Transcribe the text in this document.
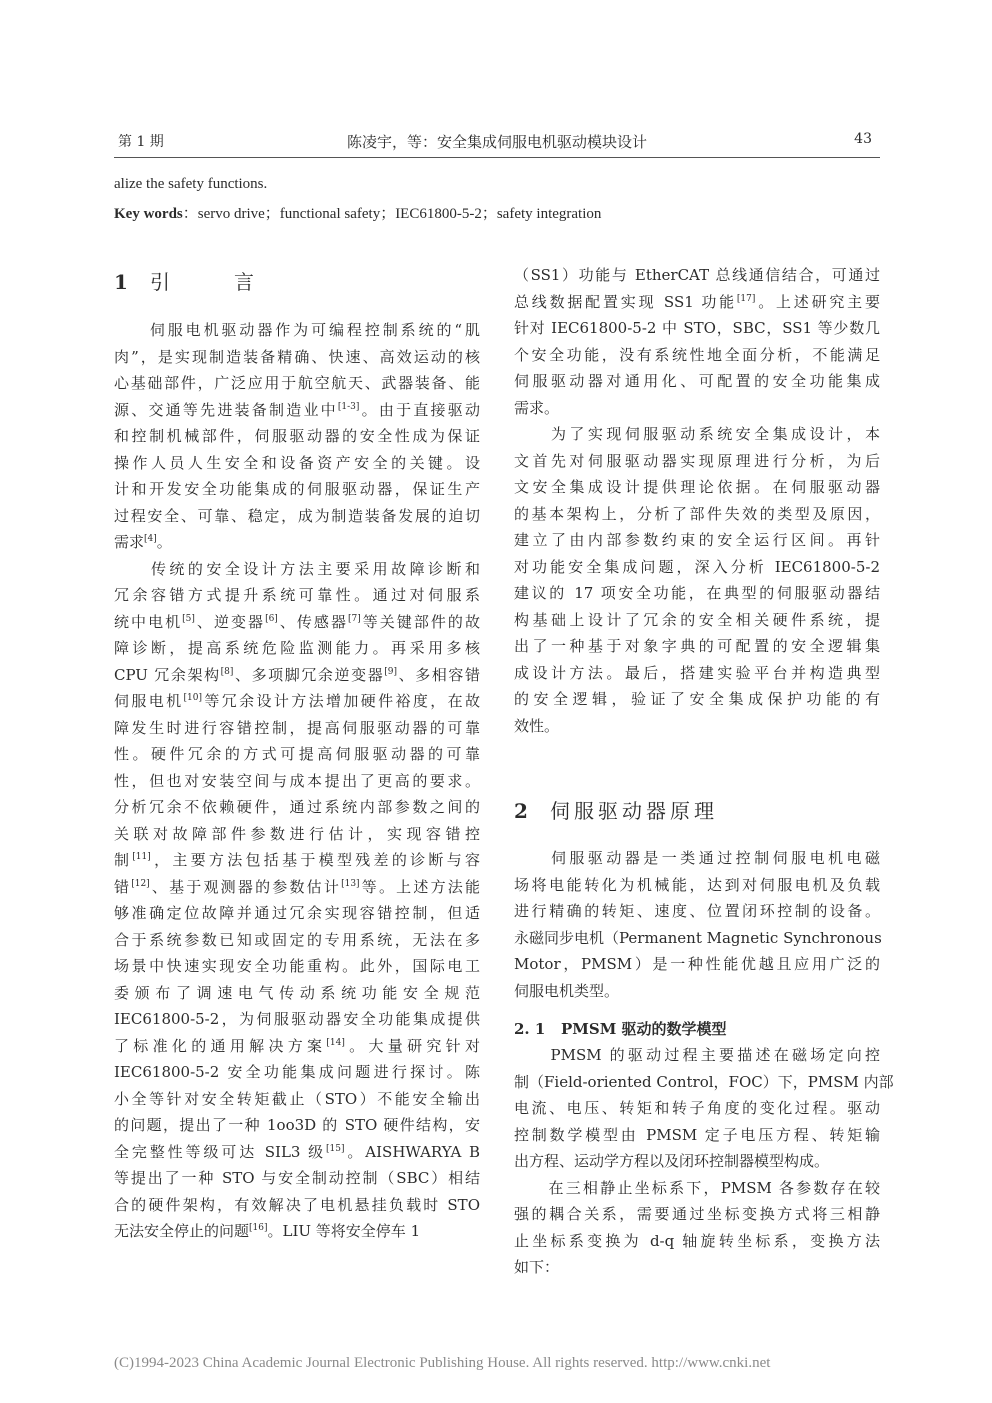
第 1 期	陈凌宇，等：安全集成伺服电机驱动模块设计	43
alize the safety functions.
Key words：servo drive；functional safety；IEC61800-5-2；safety integration
1 引　言
　　伺服电机驱动器作为可编程控制系统的“肌
肉”，是实现制造装备精确、快速、高效运动的核
心基础部件，广泛应用于航空航天、武器装备、能
源、交通等先进装备制造业中[1-3]。由于直接驱动
和控制机械部件，伺服驱动器的安全性成为保证
操作人员人生安全和设备资产安全的关键。设
计和开发安全功能集成的伺服驱动器，保证生产
过程安全、可靠、稳定，成为制造装备发展的迫切
需求[4]。
　　传统的安全设计方法主要采用故障诊断和
冗余容错方式提升系统可靠性。通过对伺服系
统中电机[5]、逆变器[6]、传感器[7]等关键部件的故
障诊断，提高系统危险监测能力。再采用多核
CPU 冗余架构[8]、多项脚冗余逆变器[9]、多相容错
伺服电机[10]等冗余设计方法增加硬件裕度，在故
障发生时进行容错控制，提高伺服驱动器的可靠
性。硬件冗余的方式可提高伺服驱动器的可靠
性，但也对安装空间与成本提出了更高的要求。
分析冗余不依赖硬件，通过系统内部参数之间的
关联对故障部件参数进行估计，实现容错控
制[11]，主要方法包括基于模型残差的诊断与容
错[12]、基于观测器的参数估计[13]等。上述方法能
够准确定位故障并通过冗余实现容错控制，但适
合于系统参数已知或固定的专用系统，无法在多
场景中快速实现安全功能重构。此外，国际电工
委颁布了调速电气传动系统功能安全规范
IEC61800-5-2，为伺服驱动器安全功能集成提供
了标准化的通用解决方案[14]。大量研究针对
IEC61800-5-2 安全功能集成问题进行探讨。陈
小全等针对安全转矩截止（STO）不能安全输出
的问题，提出了一种 1oo3D 的 STO 硬件结构，安
全完整性等级可达 SIL3 级[15]。AISHWARYA B
等提出了一种 STO 与安全制动控制（SBC）相结
合的硬件架构，有效解决了电机悬挂负载时 STO
无法安全停止的问题[16]。LIU 等将安全停车 1
（SS1）功能与 EtherCAT 总线通信结合，可通过
总线数据配置实现 SS1 功能[17]。上述研究主要
针对 IEC61800-5-2 中 STO，SBC，SS1 等少数几
个安全功能，没有系统性地全面分析，不能满足
伺服驱动器对通用化、可配置的安全功能集成
需求。
　　为了实现伺服驱动系统安全集成设计，本
文首先对伺服驱动器实现原理进行分析，为后
文安全集成设计提供理论依据。在伺服驱动器
的基本架构上，分析了部件失效的类型及原因，
建立了由内部参数约束的安全运行区间。再针
对功能安全集成问题，深入分析 IEC61800-5-2
建议的 17 项安全功能，在典型的伺服驱动器结
构基础上设计了冗余的安全相关硬件系统，提
出了一种基于对象字典的可配置的安全逻辑集
成设计方法。最后，搭建实验平台并构造典型
的安全逻辑，验证了安全集成保护功能的有
效性。
2 伺服驱动器原理
　　伺服驱动器是一类通过控制伺服电机电磁
场将电能转化为机械能，达到对伺服电机及负载
进行精确的转矩、速度、位置闭环控制的设备。
永磁同步电机（Permanent Magnetic Synchronous
Motor，PMSM）是一种性能优越且应用广泛的
伺服电机类型。
2. 1 PMSM 驱动的数学模型
　　PMSM 的驱动过程主要描述在磁场定向控
制（Field-oriented Control，FOC）下，PMSM 内部
电流、电压、转矩和转子角度的变化过程。驱动
控制数学模型由 PMSM 定子电压方程、转矩输
出方程、运动学方程以及闭环控制器模型构成。
　　在三相静止坐标系下，PMSM 各参数存在较
强的耦合关系，需要通过坐标变换方式将三相静
止坐标系变换为 d-q 轴旋转坐标系，变换方法
如下：
(C)1994-2023 China Academic Journal Electronic Publishing House. All rights reserved. http://www.cnki.net
